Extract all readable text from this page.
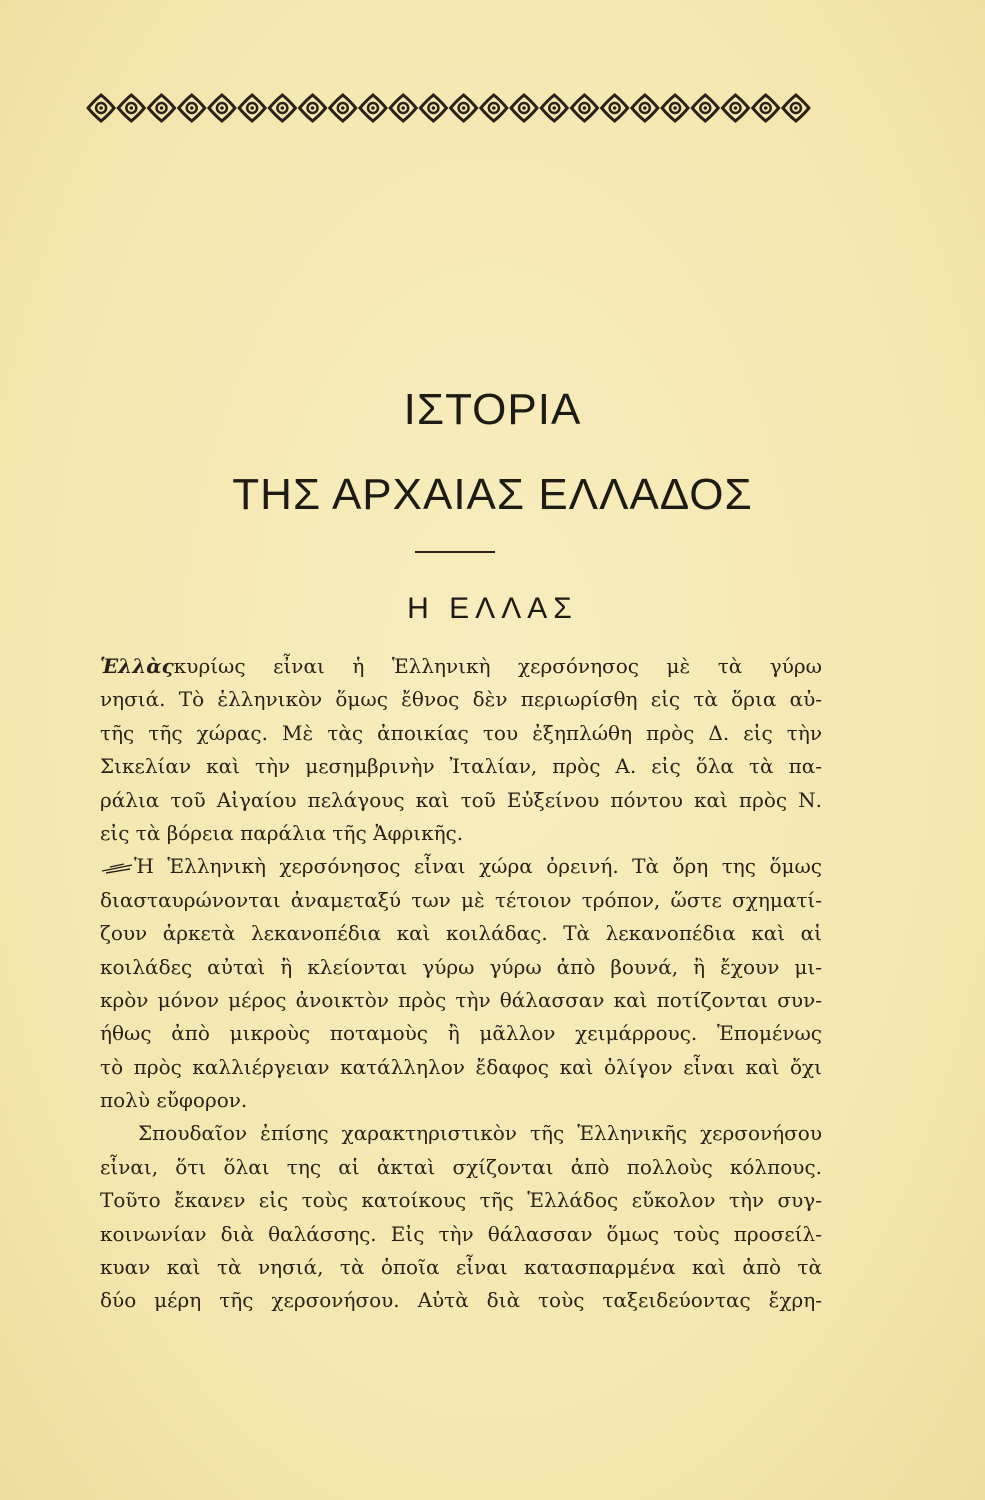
ΙΣΤΟΡΙΑ
ΤΗΣ ΑΡΧΑΙΑΣ ΕΛΛΑΔΟΣ
Η ΕΛΛΑΣ
Ἑλλὰςκυρίως εἶναι ἡ Ἑλληνικὴ χερσόνησος μὲ τὰ γύρω
νησιά. Τὸ ἑλληνικὸν ὅμως ἔθνος δὲν περιωρίσθη εἰς τὰ ὅρια αὐ-
τῆς τῆς χώρας. Μὲ τὰς ἀποικίας του ἐξηπλώθη πρὸς Δ. εἰς τὴν
Σικελίαν καὶ τὴν μεσημβρινὴν Ἰταλίαν, πρὸς Α. εἰς ὅλα τὰ πα-
ράλια τοῦ Αἰγαίου πελάγους καὶ τοῦ Εὐξείνου πόντου καὶ πρὸς Ν.
εἰς τὰ βόρεια παράλια τῆς Ἀφρικῆς.
Ἡ Ἑλληνικὴ χερσόνησος εἶναι χώρα ὀρεινή. Τὰ ὄρη της ὅμως
διασταυρώνονται ἀναμεταξύ των μὲ τέτοιον τρόπον, ὥστε σχηματί-
ζουν ἀρκετὰ λεκανοπέδια καὶ κοιλάδας. Τὰ λεκανοπέδια καὶ αἱ
κοιλάδες αὐταὶ ἢ κλείονται γύρω γύρω ἀπὸ βουνά, ἢ ἔχουν μι-
κρὸν μόνον μέρος ἀνοικτὸν πρὸς τὴν θάλασσαν καὶ ποτίζονται συν-
ήθως ἀπὸ μικροὺς ποταμοὺς ἢ μᾶλλον χειμάρρους. Ἑπομένως
τὸ πρὸς καλλιέργειαν κατάλληλον ἔδαφος καὶ ὀλίγον εἶναι καὶ ὄχι
πολὺ εὔφορον.
Σπουδαῖον ἐπίσης χαρακτηριστικὸν τῆς Ἑλληνικῆς χερσονήσου
εἶναι, ὅτι ὅλαι της αἱ ἀκταὶ σχίζονται ἀπὸ πολλοὺς κόλπους.
Τοῦτο ἔκανεν εἰς τοὺς κατοίκους τῆς Ἑλλάδος εὔκολον τὴν συγ-
κοινωνίαν διὰ θαλάσσης. Εἰς τὴν θάλασσαν ὅμως τοὺς προσείλ-
κυαν καὶ τὰ νησιά, τὰ ὁποῖα εἶναι κατασπαρμένα καὶ ἀπὸ τὰ
δύο μέρη τῆς χερσονήσου. Αὐτὰ διὰ τοὺς ταξειδεύοντας ἔχρη-
